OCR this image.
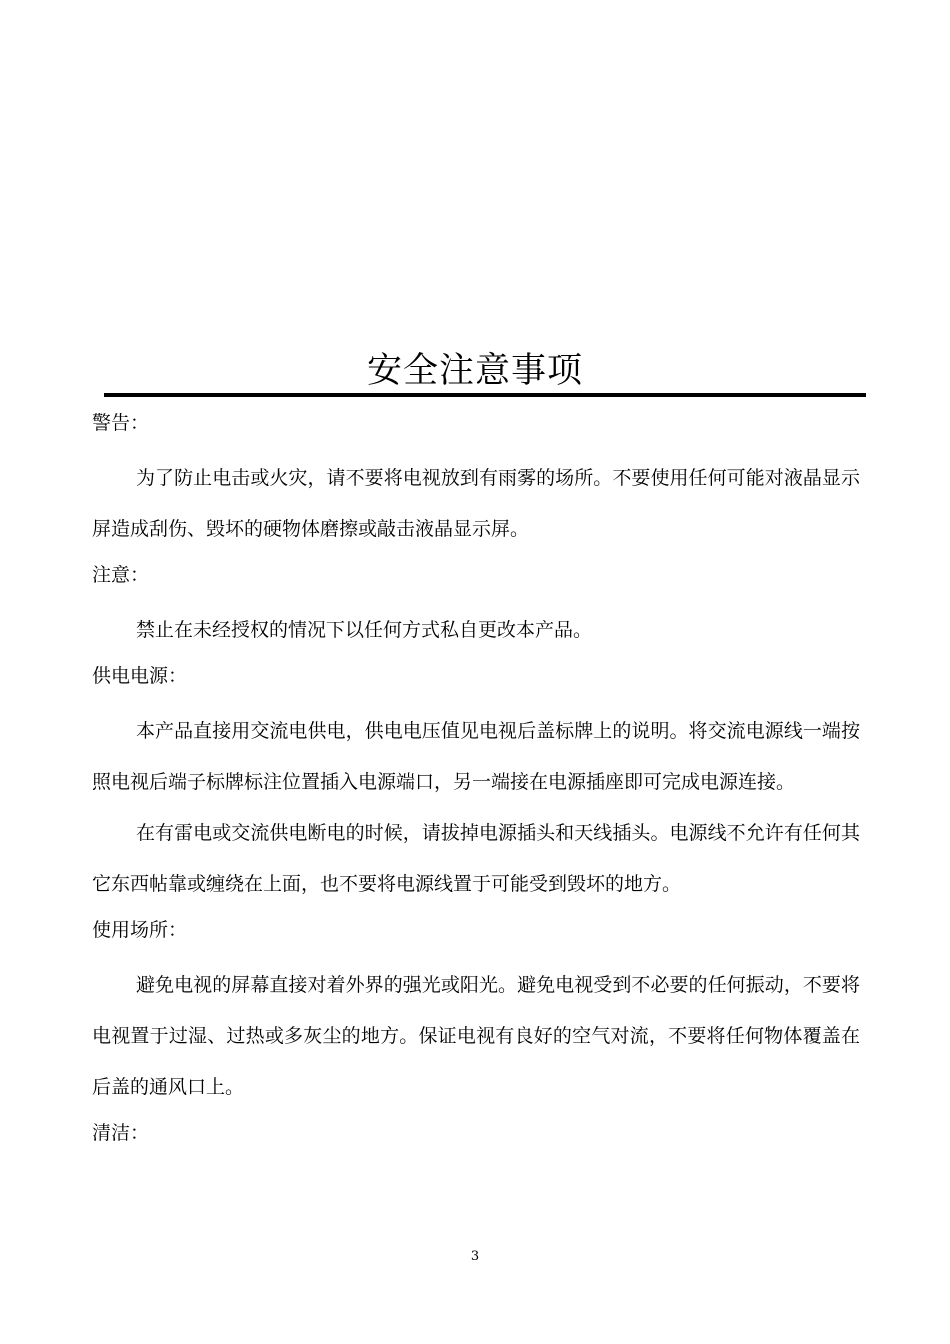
安全注意事项
警告：

为了防止电击或火灾，请不要将电视放到有雨雾的场所。不要使用任何可能对液晶显示屏造成刮伤、毁坏的硬物体磨擦或敲击液晶显示屏。

注意：

禁止在未经授权的情况下以任何方式私自更改本产品。

供电电源：

本产品直接用交流电供电，供电电压值见电视后盖标牌上的说明。将交流电源线一端按照电视后端子标牌标注位置插入电源端口，另一端接在电源插座即可完成电源连接。

在有雷电或交流供电断电的时候，请拔掉电源插头和天线插头。电源线不允许有任何其它东西帖靠或缠绕在上面，也不要将电源线置于可能受到毁坏的地方。

使用场所：

避免电视的屏幕直接对着外界的强光或阳光。避免电视受到不必要的任何振动，不要将电视置于过湿、过热或多灰尘的地方。保证电视有良好的空气对流，不要将任何物体覆盖在后盖的通风口上。

清洁：
3
